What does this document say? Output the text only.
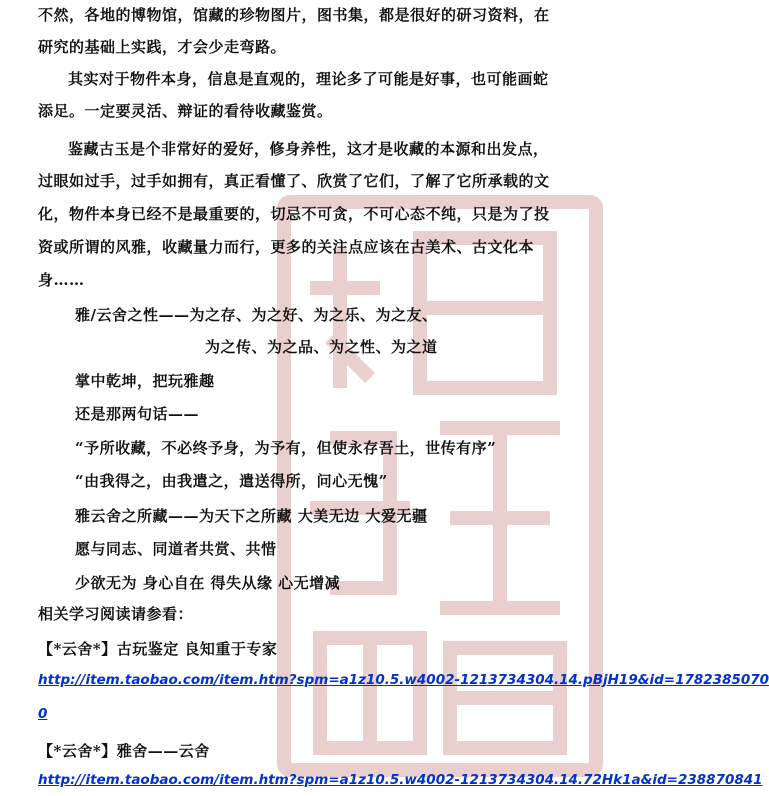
不然，各地的博物馆，馆藏的珍物图片，图书集，都是很好的研习资料，在
研究的基础上实践，才会少走弯路。
其实对于物件本身，信息是直观的，理论多了可能是好事，也可能画蛇
添足。一定要灵活、辩证的看待收藏鉴赏。
鉴藏古玉是个非常好的爱好，修身养性，这才是收藏的本源和出发点，
过眼如过手，过手如拥有，真正看懂了、欣赏了它们，了解了它所承载的文
化，物件本身已经不是最重要的，切忌不可贪，不可心态不纯，只是为了投
资或所谓的风雅，收藏量力而行，更多的关注点应该在古美术、古文化本
身……
雅/云舍之性——为之存、为之好、为之乐、为之友、
为之传、为之品、为之性、为之道
掌中乾坤，把玩雅趣
还是那两句话——
“予所收藏，不必终予身，为予有，但使永存吾土，世传有序”
“由我得之，由我遣之，遣送得所，问心无愧”
雅云舍之所藏——为天下之所藏 大美无边 大爱无疆
愿与同志、同道者共赏、共惜
少欲无为 身心自在 得失从缘 心无增减
相关学习阅读请参看：
【*云舍*】古玩鉴定 良知重于专家
http://item.taobao.com/item.htm?spm=a1z10.5.w4002-1213734304.14.pBjH19&id=1782385070
0
【*云舍*】雅舍——云舍
http://item.taobao.com/item.htm?spm=a1z10.5.w4002-1213734304.14.72Hk1a&id=238870841
